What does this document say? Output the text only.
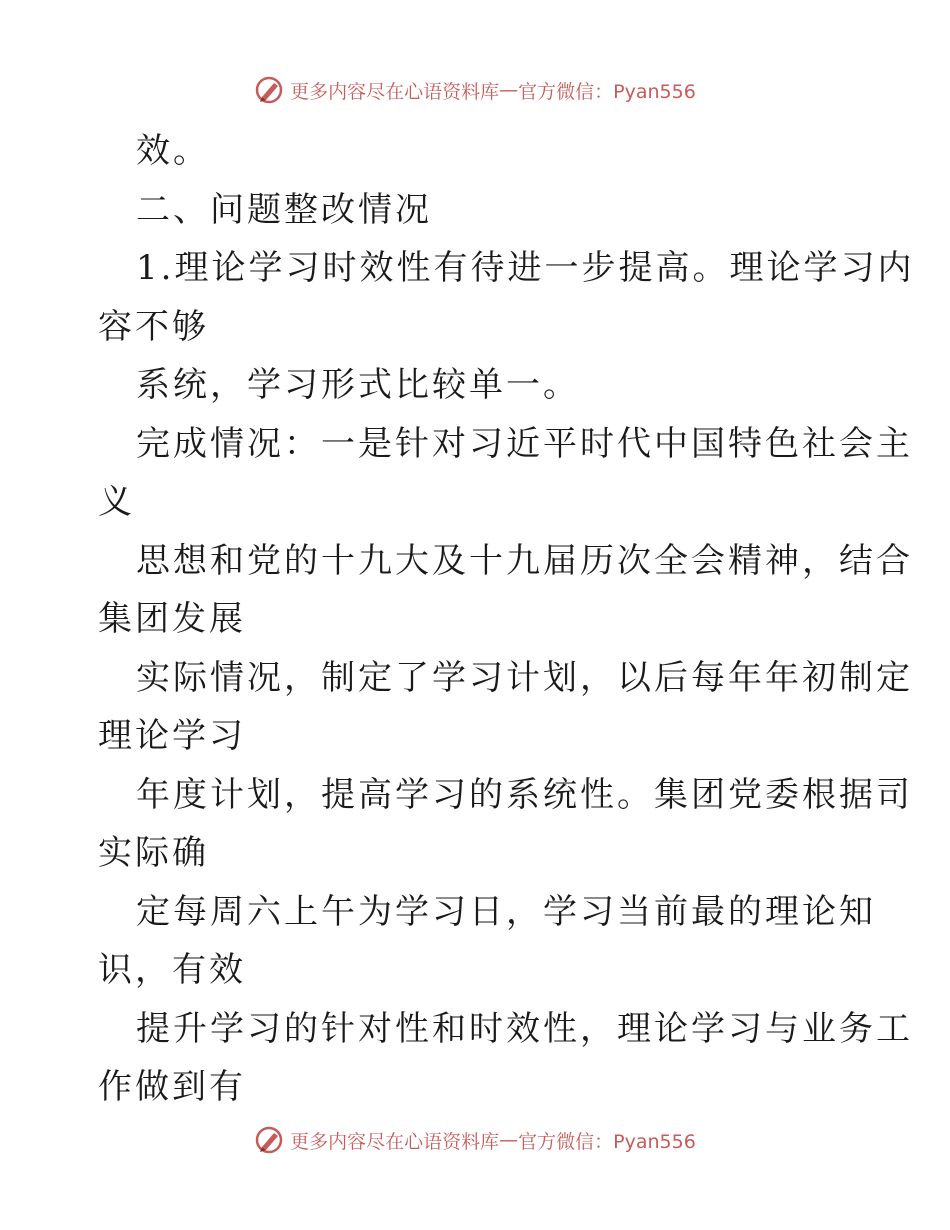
更多内容尽在心语资料库 — 官方微信：Pyan556
效。
二、问题整改情况
1.理论学习时效性有待进一步提高。理论学习内
容不够
系统，学习形式比较单一。
完成情况：一是针对习近平时代中国特色社会主
义
思想和党的十九大及十九届历次全会精神，结合
集团发展
实际情况，制定了学习计划，以后每年年初制定
理论学习
年度计划，提高学习的系统性。集团党委根据司
实际确
定每周六上午为学习日，学习当前最的理论知
识，有效
提升学习的针对性和时效性，理论学习与业务工
作做到有
更多内容尽在心语资料库 — 官方微信：Pyan556
